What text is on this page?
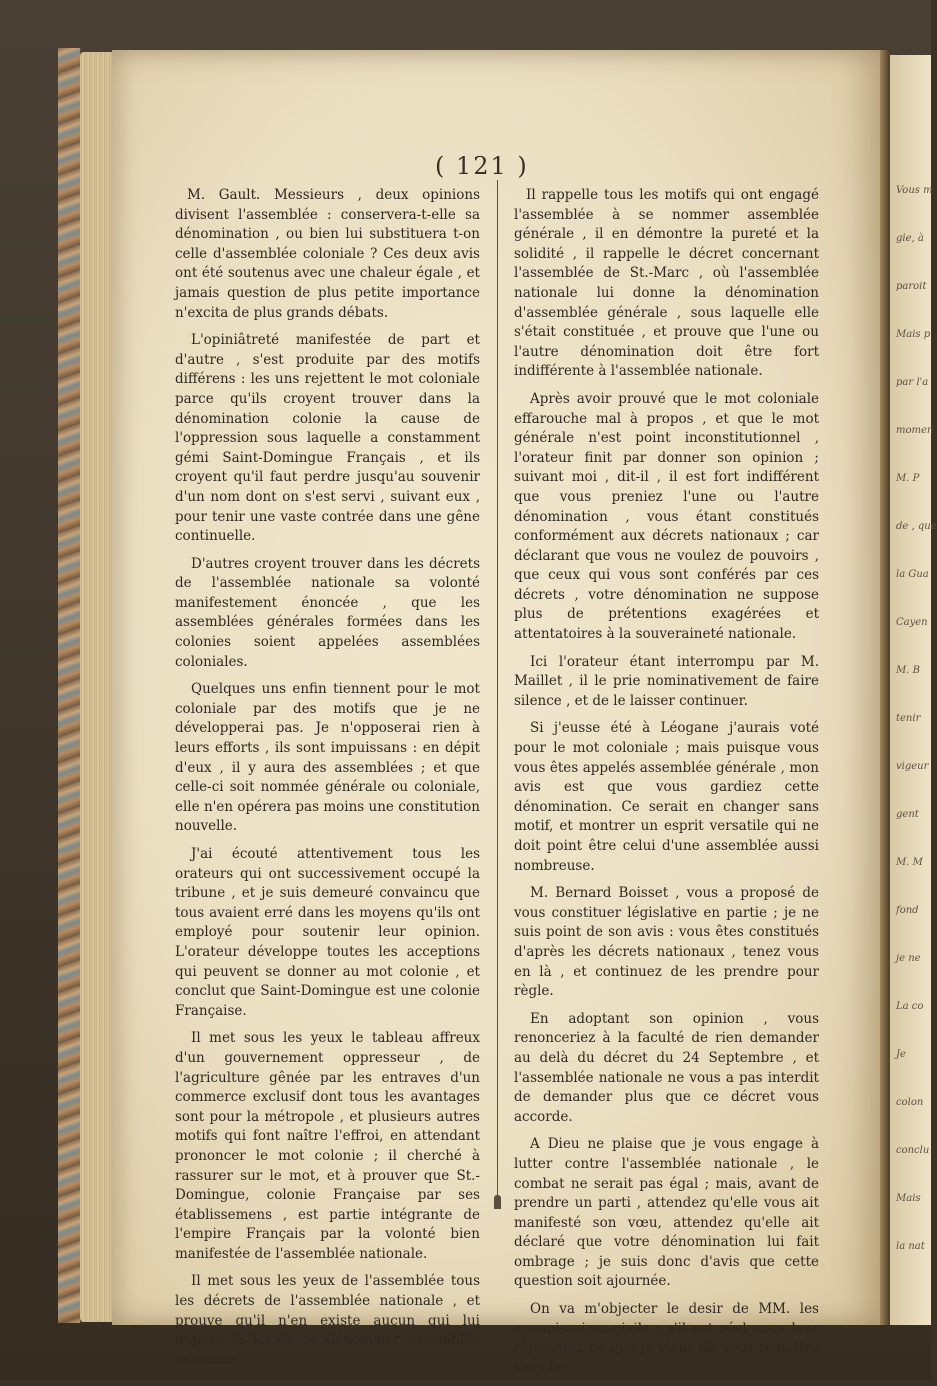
Vous m
gie, à
paroit
Mais p
par l'a
momen
M. P
de , que
la Gua
Cayen
M. B
tenir
vigeur
gent
M. M
fond
je ne
La co
Je
colon
conclu
Mais
la nat
( 121 )

M. Gault. Messieurs , deux opinions divisent l'assemblée : conservera-t-elle sa dénomination , ou bien lui substituera t-on celle d'assemblée coloniale ? Ces deux avis ont été soutenus avec une chaleur égale , et jamais question de plus petite importance n'excita de plus grands débats.

L'opiniâtreté manifestée de part et d'autre , s'est produite par des motifs différens : les uns rejettent le mot coloniale parce qu'ils croyent trouver dans la dénomination colonie la cause de l'oppression sous laquelle a constamment gémi Saint-Domingue Français , et ils croyent qu'il faut perdre jusqu'au souvenir d'un nom dont on s'est servi , suivant eux , pour tenir une vaste contrée dans une gêne continuelle.

D'autres croyent trouver dans les décrets de l'assemblée nationale sa volonté manifestement énoncée , que les assemblées générales formées dans les colonies soient appelées assemblées coloniales.

Quelques uns enfin tiennent pour le mot coloniale par des motifs que je ne développerai pas. Je n'opposerai rien à leurs efforts , ils sont impuissans : en dépit d'eux , il y aura des assemblées ; et que celle-ci soit nommée générale ou coloniale, elle n'en opérera pas moins une constitution nouvelle.

J'ai écouté attentivement tous les orateurs qui ont successivement occupé la tribune , et je suis demeuré convaincu que tous avaient erré dans les moyens qu'ils ont employé pour soutenir leur opinion. L'orateur développe toutes les acceptions qui peuvent se donner au mot colonie , et conclut que Saint-Domingue est une colonie Française.

Il met sous les yeux le tableau affreux d'un gouvernement oppresseur , de l'agriculture gênée par les entraves d'un commerce exclusif dont tous les avantages sont pour la métropole , et plusieurs autres motifs qui font naître l'effroi, en attendant prononcer le mot colonie ; il cherché à rassurer sur le mot, et à prouver que St.-Domingue, colonie Française par ses établissemens , est partie intégrante de l'empire Français par la volonté bien manifestée de l'assemblée nationale.

Il met sous les yeux de l'assemblée tous les décrets de l'assemblée nationale , et prouve qu'il n'en existe aucun qui lui impose la loi de se dénommer assemblée coloniale.

Il rappelle tous les motifs qui ont engagé l'assemblée à se nommer assemblée générale , il en démontre la pureté et la solidité , il rappelle le décret concernant l'assemblée de St.-Marc , où l'assemblée nationale lui donne la dénomination d'assemblée générale , sous laquelle elle s'était constituée , et prouve que l'une ou l'autre dénomination doit être fort indifférente à l'assemblée nationale.

Après avoir prouvé que le mot coloniale effarouche mal à propos , et que le mot générale n'est point inconstitutionnel , l'orateur finit par donner son opinion ; suivant moi , dit-il , il est fort indifférent que vous preniez l'une ou l'autre dénomination , vous étant constitués conformément aux décrets nationaux ; car déclarant que vous ne voulez de pouvoirs , que ceux qui vous sont conférés par ces décrets , votre dénomination ne suppose plus de prétentions exagérées et attentatoires à la souveraineté nationale.

Ici l'orateur étant interrompu par M. Maillet , il le prie nominativement de faire silence , et de le laisser continuer.

Si j'eusse été à Léogane j'aurais voté pour le mot coloniale ; mais puisque vous vous êtes appelés assemblée générale , mon avis est que vous gardiez cette dénomination. Ce serait en changer sans motif, et montrer un esprit versatile qui ne doit point être celui d'une assemblée aussi nombreuse.

M. Bernard Boisset , vous a proposé de vous constituer législative en partie ; je ne suis point de son avis : vous êtes constitués d'après les décrets nationaux , tenez vous en là , et continuez de les prendre pour règle.

En adoptant son opinion , vous renonceriez à la faculté de rien demander au delà du décret du 24 Septembre , et l'assemblée nationale ne vous a pas interdit de demander plus que ce décret vous accorde.

A Dieu ne plaise que je vous engage à lutter contre l'assemblée nationale , le combat ne serait pas égal ; mais, avant de prendre un parti , attendez qu'elle vous ait manifesté son vœu, attendez qu'elle ait déclaré que votre dénomination lui fait ombrage ; je suis donc d'avis que cette question soit ajournée.

On va m'objecter le desir de MM. les commissaires civils ; s'il est réel vous leur répondrez ce que je viens de vous remettre sous les
